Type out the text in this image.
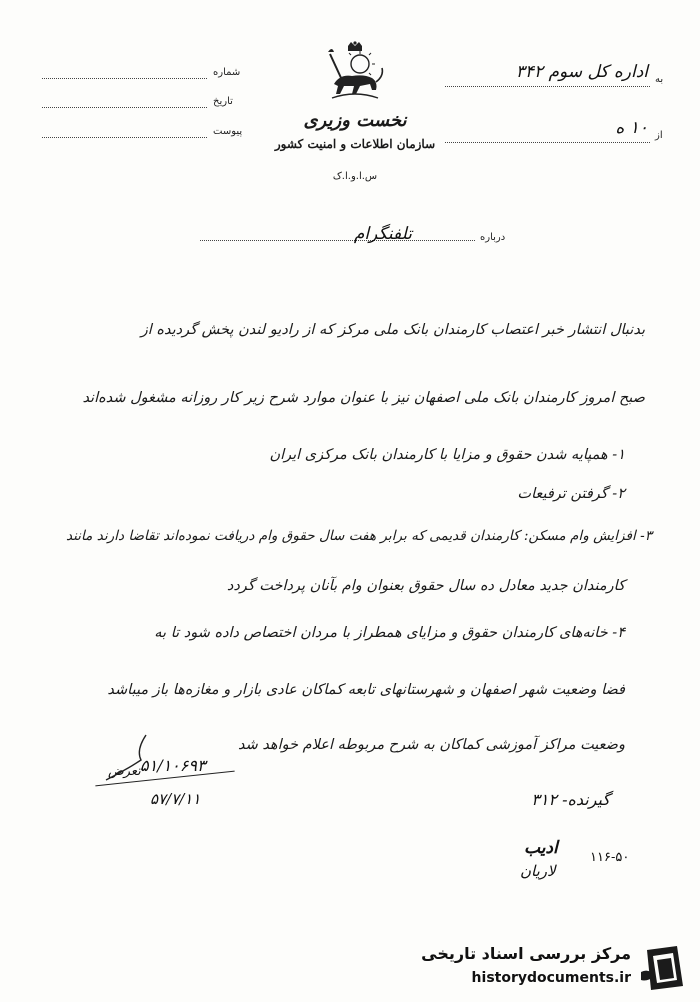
شماره
تاریخ
پیوست
نخست وزیری
سازمان اطلاعات و امنیت کشور
س.ا.و.ا.ک
به
اداره کل سوم ۳۴۲
از
۱۰ ه
درباره
تلفنگرام
بدنبال انتشار خبر اعتصاب کارمندان بانک ملی مرکز که از رادیو لندن پخش گردیده از
صبح امروز کارمندان بانک ملی اصفهان نیز با عنوان موارد شرح زیر کار روزانه مشغول شده‌اند
۱- همپایه شدن حقوق و مزایا با کارمندان بانک مرکزی ایران
۲- گرفتن ترفیعات
۳- افزایش وام مسکن: کارمندان قدیمی که برابر هفت سال حقوق وام دریافت نموده‌اند تقاضا دارند مانند
کارمندان جدید معادل ده سال حقوق بعنوان وام بآنان پرداخت گردد
۴- خانه‌های کارمندان حقوق و مزایای همطراز با مردان اختصاص داده شود تا به
فضا وضعیت شهر اصفهان و شهرستانهای تابعه کماکان عادی بازار و مغازه‌ها باز میباشد
وضعیت مراکز آموزشی کماکان به شرح مربوطه اعلام خواهد شد
۵۱/۱۰۶۹۳
تعرض
۵۷/۷/۱۱	گیرنده- ۳۱۲
۱۱۶-۵۰
ادیب
لاریان
مرکز بررسی اسناد تاریخی
historydocuments.ir
